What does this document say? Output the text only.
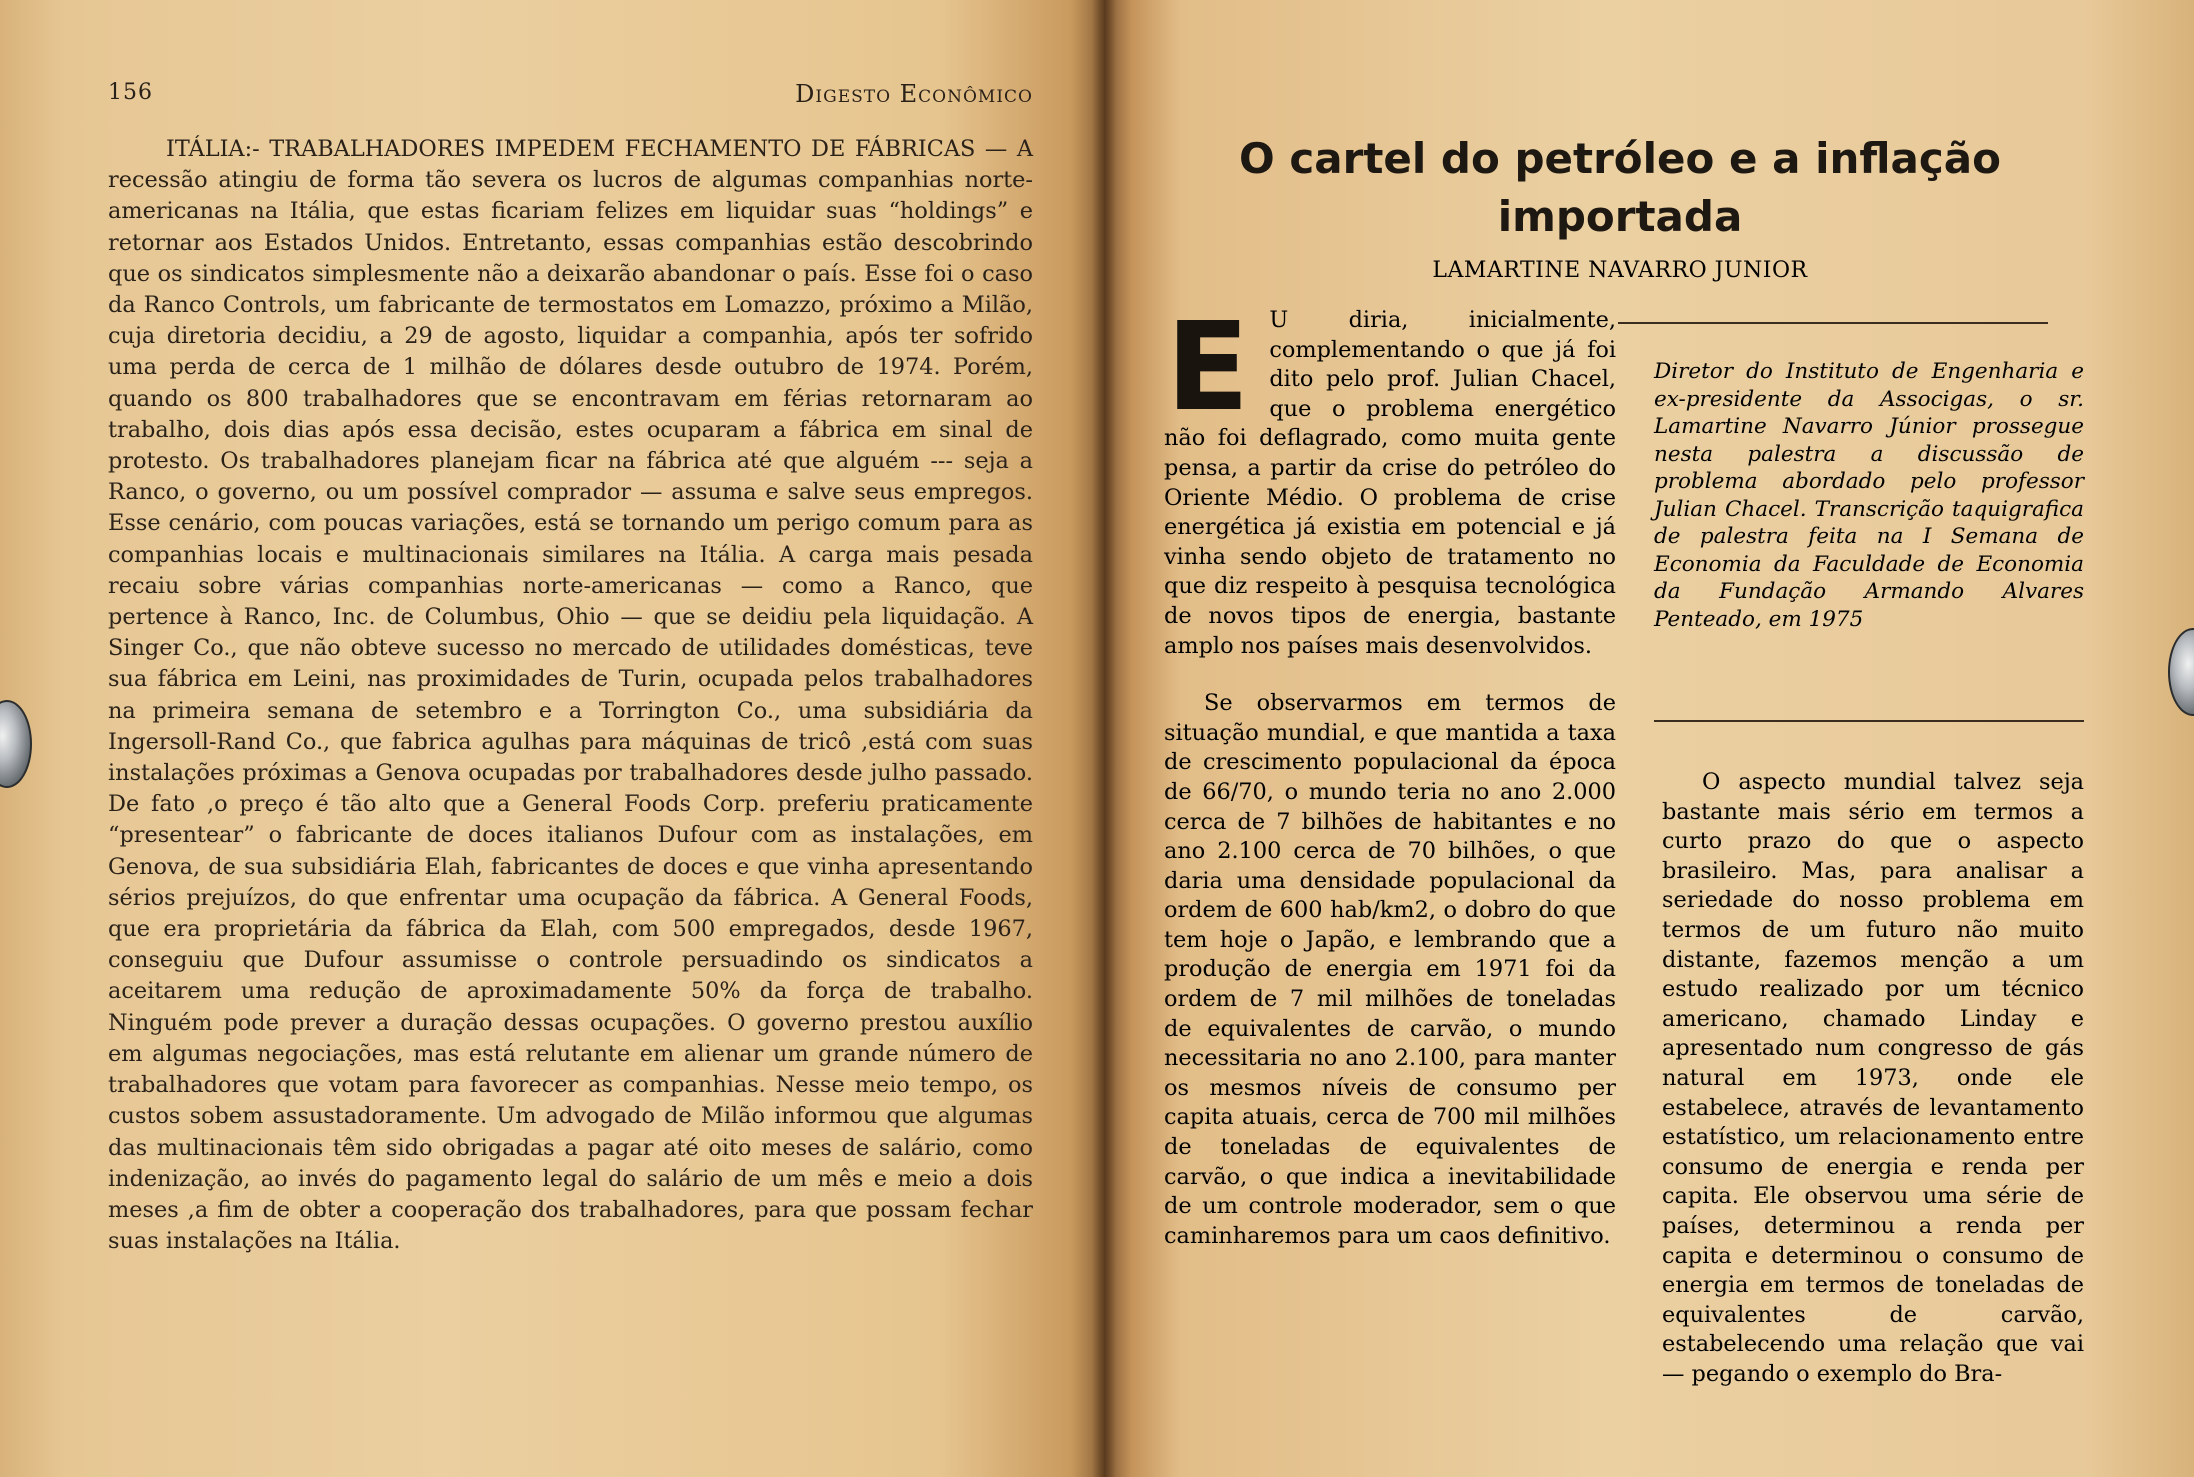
156	Digesto Econômico

ITÁLIA:- TRABALHADORES IMPEDEM FECHAMENTO DE FÁBRICAS — A recessão atingiu de forma tão severa os lucros de algumas companhias norte-americanas na Itália, que estas ficariam felizes em liquidar suas “holdings” e retornar aos Estados Unidos. Entretanto, essas companhias estão descobrindo que os sindicatos simplesmente não a deixarão abandonar o país. Esse foi o caso da Ranco Controls, um fabricante de termostatos em Lomazzo, próximo a Milão, cuja diretoria decidiu, a 29 de agosto, liquidar a companhia, após ter sofrido uma perda de cerca de 1 milhão de dólares desde outubro de 1974. Porém, quando os 800 trabalhadores que se encontravam em férias retornaram ao trabalho, dois dias após essa decisão, estes ocuparam a fábrica em sinal de protesto. Os trabalhadores planejam ficar na fábrica até que alguém --- seja a Ranco, o governo, ou um possível comprador — assuma e salve seus empregos. Esse cenário, com poucas variações, está se tornando um perigo comum para as companhias locais e multinacionais similares na Itália. A carga mais pesada recaiu sobre várias companhias norte-americanas — como a Ranco, que pertence à Ranco, Inc. de Columbus, Ohio — que se deidiu pela liquidação. A Singer Co., que não obteve sucesso no mercado de utilidades domésticas, teve sua fábrica em Leini, nas proximidades de Turin, ocupada pelos trabalhadores na primeira semana de setembro e a Torrington Co., uma subsidiária da Ingersoll-Rand Co., que fabrica agulhas para máquinas de tricô ,está com suas instalações próximas a Genova ocupadas por trabalhadores desde julho passado. De fato ,o preço é tão alto que a General Foods Corp. preferiu praticamente “presentear” o fabricante de doces italianos Dufour com as instalações, em Genova, de sua subsidiária Elah, fabricantes de doces e que vinha apresentando sérios prejuízos, do que enfrentar uma ocupação da fábrica. A General Foods, que era proprietária da fábrica da Elah, com 500 empregados, desde 1967, conseguiu que Dufour assumisse o controle persuadindo os sindicatos a aceitarem uma redução de aproximadamente 50% da força de trabalho. Ninguém pode prever a duração dessas ocupações. O governo prestou auxílio em algumas negociações, mas está relutante em alienar um grande número de trabalhadores que votam para favorecer as companhias. Nesse meio tempo, os custos sobem assustadoramente. Um advogado de Milão informou que algumas das multinacionais têm sido obrigadas a pagar até oito meses de salário, como indenização, ao invés do pagamento legal do salário de um mês e meio a dois meses ,a fim de obter a cooperação dos trabalhadores, para que possam fechar suas instalações na Itália.

O cartel do petróleo e a inflação importada

LAMARTINE NAVARRO JUNIOR

E U diria, inicialmente, complementando o que já foi dito pelo prof. Julian Chacel, que o problema energético não foi deflagrado, como muita gente pensa, a partir da crise do petróleo do Oriente Médio. O problema de crise energética já existia em potencial e já vinha sendo objeto de tratamento no que diz respeito à pesquisa tecnológica de novos tipos de energia, bastante amplo nos países mais desenvolvidos.

Se observarmos em termos de situação mundial, e que mantida a taxa de crescimento populacional da época de 66/70, o mundo teria no ano 2.000 cerca de 7 bilhões de habitantes e no ano 2.100 cerca de 70 bilhões, o que daria uma densidade populacional da ordem de 600 hab/km2, o dobro do que tem hoje o Japão, e lembrando que a produção de energia em 1971 foi da ordem de 7 mil milhões de toneladas de equivalentes de carvão, o mundo necessitaria no ano 2.100, para manter os mesmos níveis de consumo per capita atuais, cerca de 700 mil milhões de toneladas de equivalentes de carvão, o que indica a inevitabilidade de um controle moderador, sem o que caminharemos para um caos definitivo.

Diretor do Instituto de Engenharia e ex-presidente da Associgas, o sr. Lamartine Navarro Júnior prossegue nesta palestra a discussão de problema abordado pelo professor Julian Chacel. Transcrição taquigrafica de palestra feita na I Semana de Economia da Faculdade de Economia da Fundação Armando Alvares Penteado, em 1975

O aspecto mundial talvez seja bastante mais sério em termos a curto prazo do que o aspecto brasileiro. Mas, para analisar a seriedade do nosso problema em termos de um futuro não muito distante, fazemos menção a um estudo realizado por um técnico americano, chamado Linday e apresentado num congresso de gás natural em 1973, onde ele estabelece, através de levantamento estatístico, um relacionamento entre consumo de energia e renda per capita. Ele observou uma série de países, determinou a renda per capita e determinou o consumo de energia em termos de toneladas de equivalentes de carvão, estabelecendo uma relação que vai — pegando o exemplo do Bra-
